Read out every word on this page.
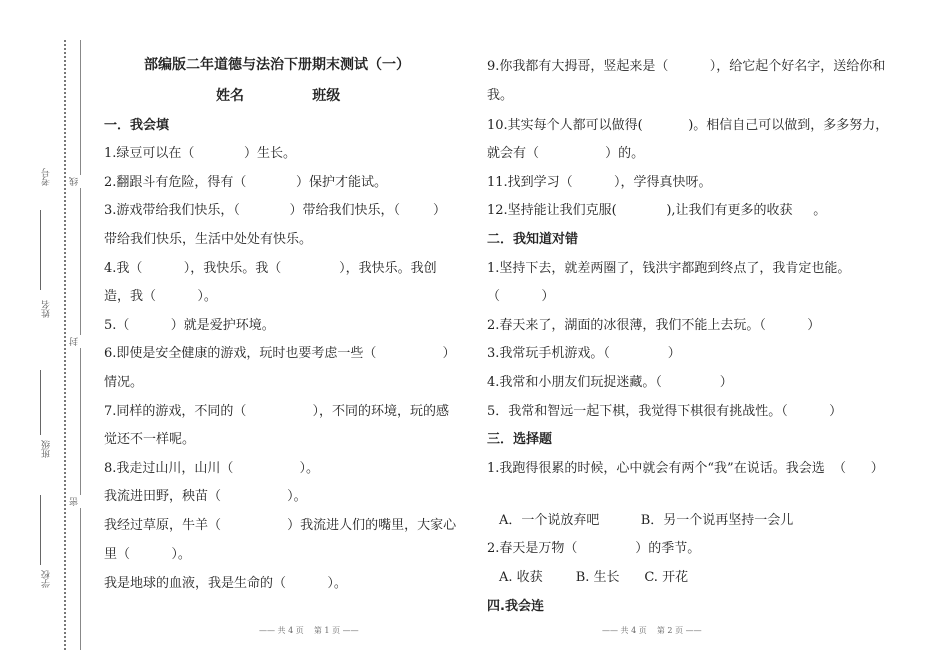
考号
姓名
班级
学校
线
封
密
部编版二年道德与法治下册期末测试（一）
姓名              班级
一．我会填
1.绿豆可以在（            ）生长。
2.翻跟斗有危险，得有（            ）保护才能试。
3.游戏带给我们快乐，（            ）带给我们快乐，（        ）
带给我们快乐，生活中处处有快乐。
4.我（          ），我快乐。我（              ），我快乐。我创
造，我（          ）。
5.（          ）就是爱护环境。
6.即使是安全健康的游戏，玩时也要考虑一些（                ）
情况。
7.同样的游戏，不同的（                ），不同的环境，玩的感
觉还不一样呢。
8.我走过山川，山川（                ）。
我流进田野，秧苗（                ）。
我经过草原，牛羊（                ）我流进人们的嘴里，大家心
里（          ）。
我是地球的血液，我是生命的（          ）。
—— 共 4 页    第 1 页 ——
9.你我都有大拇哥，竖起来是（          ），给它起个好名字，送给你和
我。
10.其实每个人都可以做得(           )。相信自己可以做到，多多努力，
就会有（                ）的。
11.找到学习（          ），学得真快呀。
12.坚持能让我们克服(            ),让我们有更多的收获     。
二．我知道对错
1.坚持下去，就差两圈了，钱洪宇都跑到终点了，我肯定也能。
（          ）
2.春天来了，湖面的冰很薄，我们不能上去玩。（          ）
3.我常玩手机游戏。（              ）
4.我常和小朋友们玩捉迷藏。（              ）
5．我常和智远一起下棋，我觉得下棋很有挑战性。（          ）
三．选择题
1.我跑得很累的时候，心中就会有两个“我”在说话。我会选  （      ）
A．一个说放弃吧          B．另一个说再坚持一会儿
2.春天是万物（              ）的季节。
A. 收获        B. 生长      C. 开花
四.我会连
—— 共 4 页    第 2 页 ——
